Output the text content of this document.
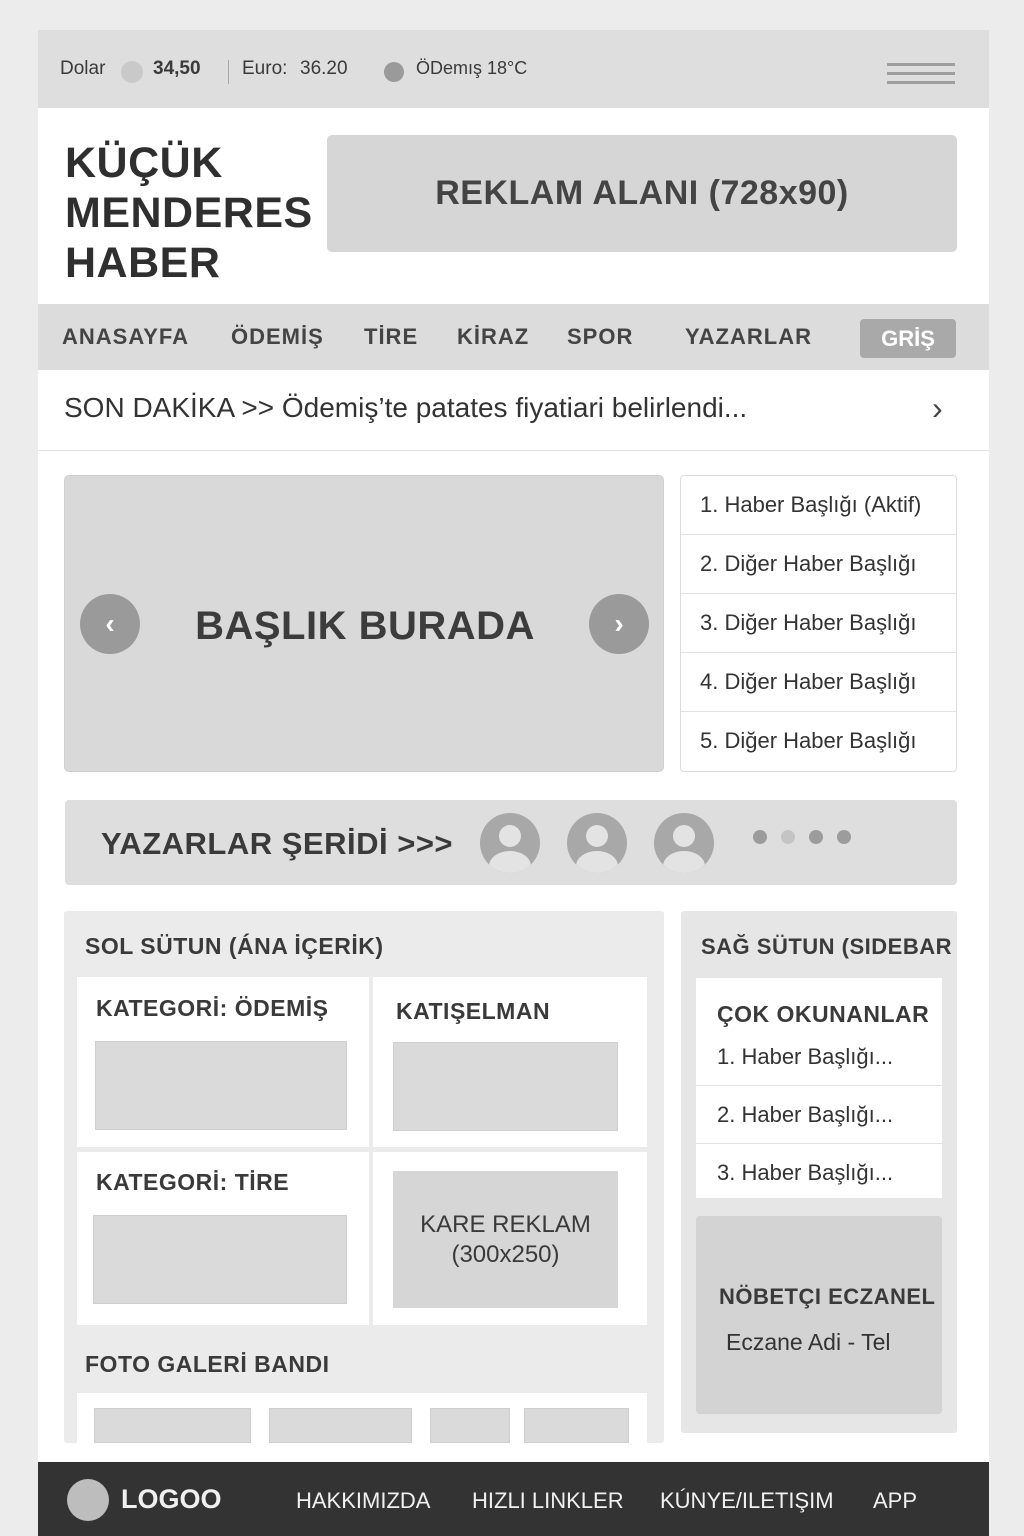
Dolar	34,50 Euro: 36.20	ÖDemış 18°C
KÜÇÜK
MENDERES
HABER
REKLAM ALANI (728x90)
ANASAYFA ÖDEMİŞ TİRE KİRAZ SPOR YAZARLAR	GRİŞ
SON DAKİKA >> Ödemiş’te patates fiyatiari belirlendi...	›
BAŞLIK BURADA
‹	›
1. Haber Başlığı (Aktif)
2. Diğer Haber Başlığı
3. Diğer Haber Başlığı
4. Diğer Haber Başlığı
5. Diğer Haber Başlığı
YAZARLAR ŞERİDİ >>>
SOL SÜTUN (ÁNA İÇERİK)
KATEGORİ: ÖDEMİŞ	KATIŞELMAN
KATEGORİ: TİRE
KARE REKLAM
(300x250)
FOTO GALERİ BANDI
SAĞ SÜTUN (SIDEBAR
ÇOK OKUNANLAR
1. Haber Başlığı...
2. Haber Başlığı...
3. Haber Başlığı...
NÖBETÇI ECZANEL
Eczane Adi - Tel
LOGOO	HAKKIMIZDA HIZLI LINKLER KÚNYE/ILETIŞIM APP
